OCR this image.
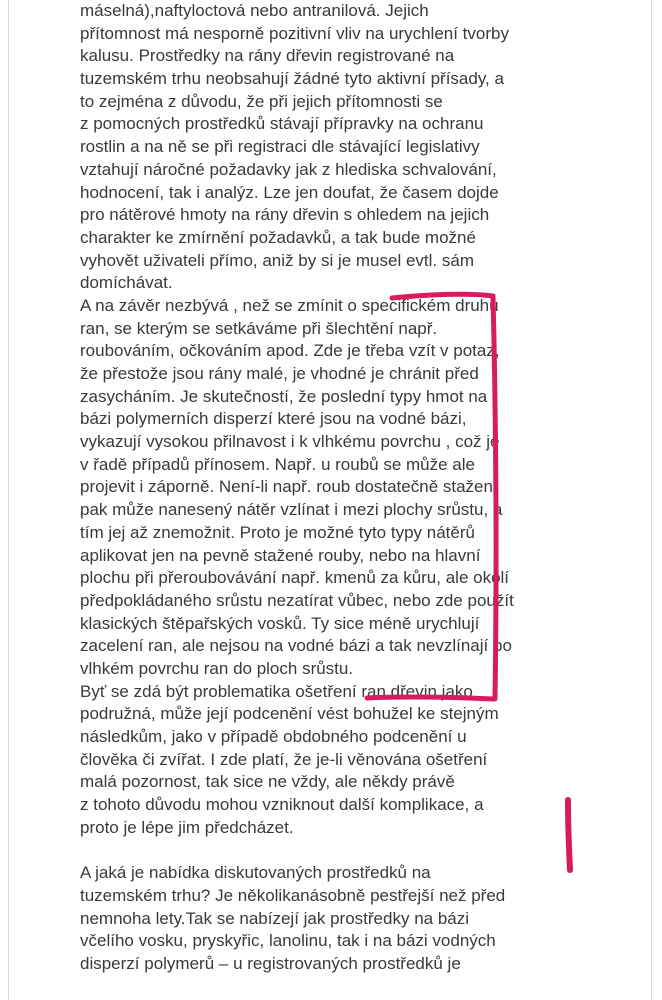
máselná),naftyloctová nebo antranilová. Jejich
přítomnost má nesporně pozitivní vliv na urychlení tvorby
kalusu. Prostředky na rány dřevin registrované na
tuzemském trhu neobsahují žádné tyto aktivní přísady, a
to zejména z důvodu, že při jejich přítomnosti se
z pomocných prostředků stávají přípravky na ochranu
rostlin a na ně se při registraci dle stávající legislativy
vztahují náročné požadavky jak z hlediska schvalování,
hodnocení, tak i analýz. Lze jen doufat, že časem dojde
pro nátěrové hmoty na rány dřevin s ohledem na jejich
charakter ke zmírnění požadavků, a tak bude možné
vyhovět uživateli přímo, aniž by si je musel evtl. sám
domíchávat.
A na závěr nezbývá , než se zmínit o specifickém druhu
ran, se kterým se setkáváme při šlechtění např.
roubováním, očkováním apod. Zde je třeba vzít v potaz,
že přestože jsou rány malé, je vhodné je chránit před
zasycháním. Je skutečností, že poslední typy hmot na
bázi polymerních disperzí které jsou na vodné bázi,
vykazují vysokou přilnavost i k vlhkému povrchu , což je
v řadě případů přínosem. Např. u roubů se může ale
projevit i záporně. Není-li např. roub dostatečně stažen,
pak může nanesený nátěr vzlínat i mezi plochy srůstu, a
tím jej až znemožnit. Proto je možné tyto typy nátěrů
aplikovat jen na pevně stažené rouby, nebo na hlavní
plochu při přeroubovávání např. kmenů za kůru, ale okolí
předpokládaného srůstu nezatírat vůbec, nebo zde použít
klasických štěpařských vosků. Ty sice méně urychlují
zacelení ran, ale nejsou na vodné bázi a tak nevzlínají po
vlhkém povrchu ran do ploch srůstu.
Byť se zdá být problematika ošetření ran dřevin jako
podružná, může její podcenění vést bohužel ke stejným
následkům, jako v případě obdobného podcenění u
člověka či zvířat. I zde platí, že je-li věnována ošetření
malá pozornost, tak sice ne vždy, ale někdy právě
z tohoto důvodu mohou vzniknout další komplikace, a
proto je lépe jim předcházet.
A jaká je nabídka diskutovaných prostředků na
tuzemském trhu? Je několikanásobně pestřejší než před
nemnoha lety.Tak se nabízejí jak prostředky na bázi
včelího vosku, pryskyřic, lanolinu, tak i na bázi vodných
disperzí polymerů – u registrovaných prostředků je
